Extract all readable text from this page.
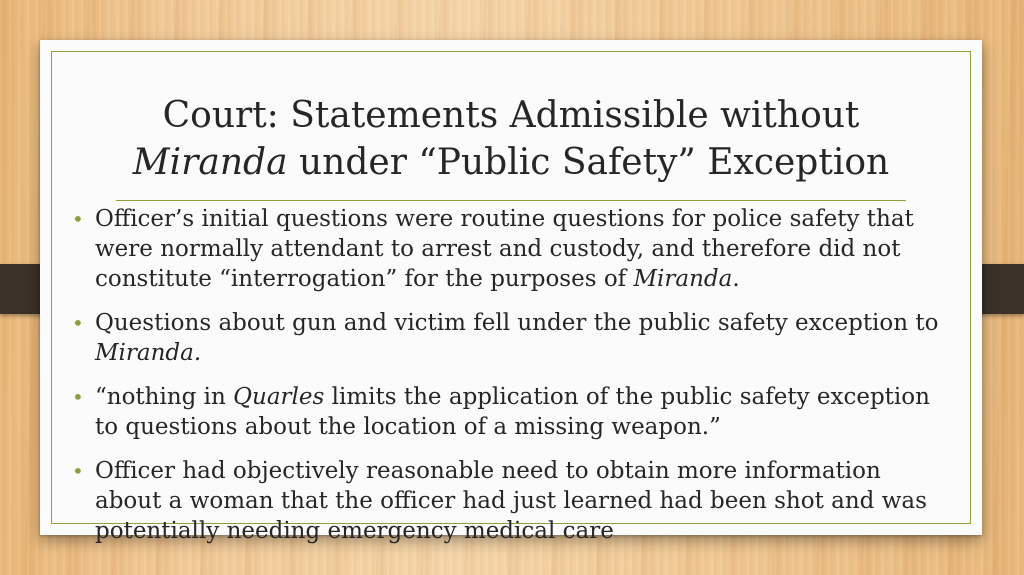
Court: Statements Admissible without
Miranda under “Public Safety” Exception
• Officer’s initial questions were routine questions for police safety that were normally attendant to arrest and custody, and therefore did not constitute “interrogation” for the purposes of Miranda.
• Questions about gun and victim fell under the public safety exception to Miranda.
• “nothing in Quarles limits the application of the public safety exception to questions about the location of a missing weapon.”
• Officer had objectively reasonable need to obtain more information about a woman that the officer had just learned had been shot and was potentially needing emergency medical care
